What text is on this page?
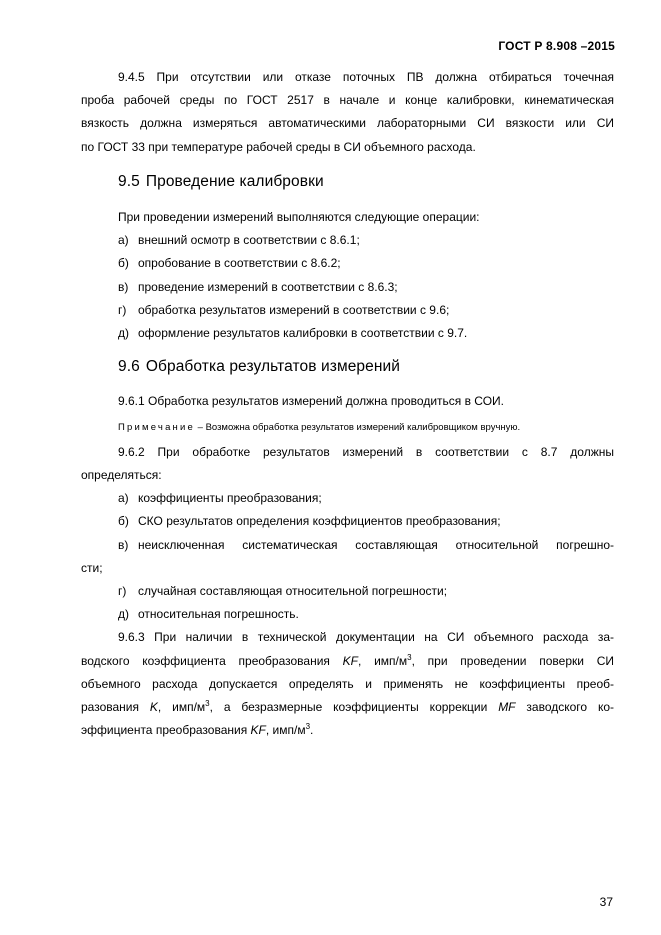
ГОСТ Р 8.908 –2015

9.4.5 При отсутствии или отказе поточных ПВ должна отбираться точечная

проба рабочей среды по ГОСТ 2517 в начале и конце калибровки, кинематическая

вязкость должна измеряться автоматическими лабораторными СИ вязкости или СИ

по ГОСТ 33 при температуре рабочей среды в СИ объемного расхода.

9.5 Проведение калибровки

При проведении измерений выполняются следующие операции:

а) внешний осмотр в соответствии с 8.6.1;
б) опробование в соответствии с 8.6.2;
в) проведение измерений в соответствии с 8.6.3;
г) обработка результатов измерений в соответствии с 9.6;
д) оформление результатов калибровки в соответствии с 9.7.
9.6 Обработка результатов измерений

9.6.1 Обработка результатов измерений должна проводиться в СОИ.

Примечание – Возможна обработка результатов измерений калибровщиком вручную.

9.6.2 При обработке результатов измерений в соответствии с 8.7 должны

определяться:

а) коэффициенты преобразования;
б) СКО результатов определения коэффициентов преобразования;
в) неисключенная систематическая составляющая относительной погрешно-

сти;

г) случайная составляющая относительной погрешности;
д) относительная погрешность.

9.6.3 При наличии в технической документации на СИ объемного расхода за-

водского коэффициента преобразования KF, имп/$м^3$, при проведении поверки СИ

объемного расхода допускается определять и применять не коэффициенты преоб-

разования K, имп/$м^3$, а безразмерные коэффициенты коррекции MF заводского ко-

эффициента преобразования KF, имп/$м^3$.

37
